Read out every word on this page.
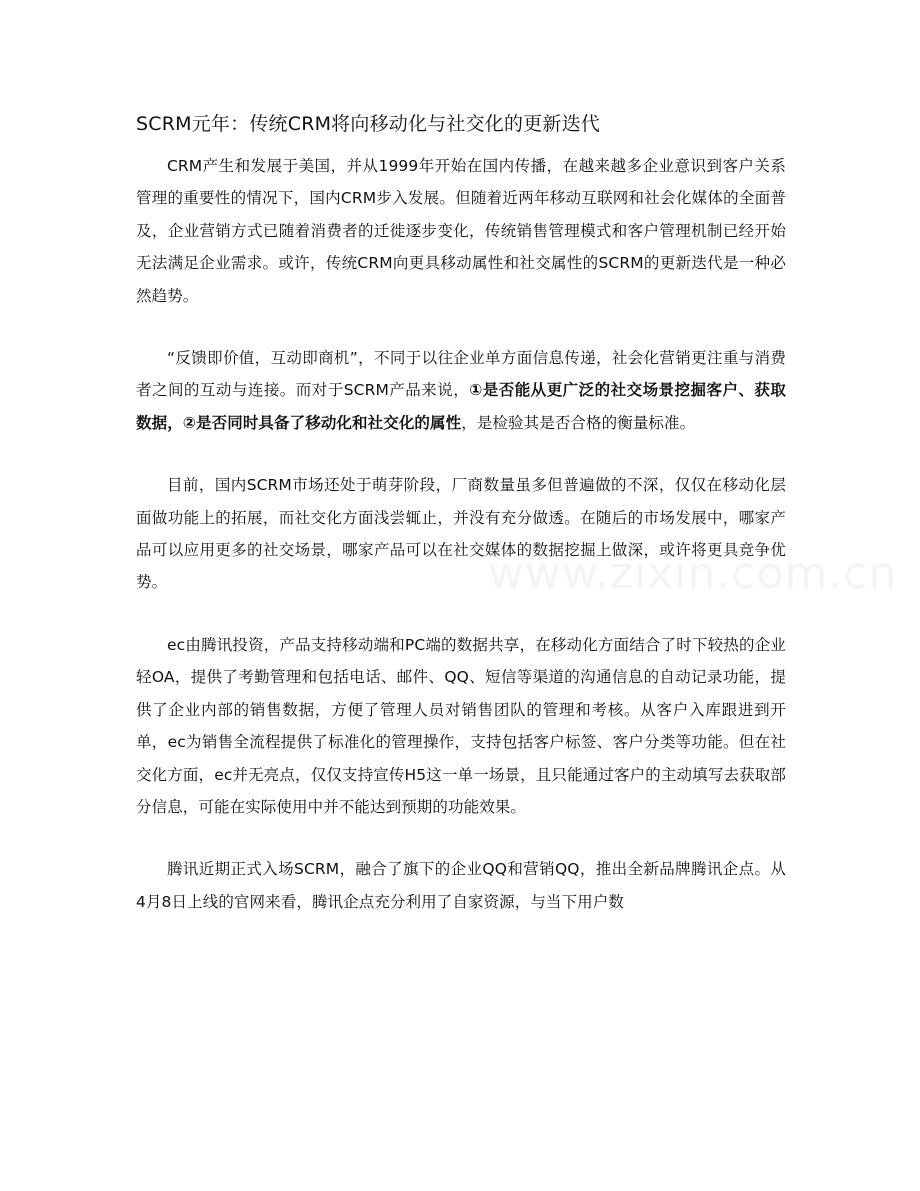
www.zixin.com.cn
SCRM元年：传统CRM将向移动化与社交化的更新迭代

CRM产生和发展于美国，并从1999年开始在国内传播，在越来越多企业意识到客户关系管理的重要性的情况下，国内CRM步入发展。但随着近两年移动互联网和社会化媒体的全面普及，企业营销方式已随着消费者的迁徙逐步变化，传统销售管理模式和客户管理机制已经开始无法满足企业需求。或许，传统CRM向更具移动属性和社交属性的SCRM的更新迭代是一种必然趋势。

“反馈即价值，互动即商机”，不同于以往企业单方面信息传递，社会化营销更注重与消费者之间的互动与连接。而对于SCRM产品来说，①是否能从更广泛的社交场景挖掘客户、获取数据，②是否同时具备了移动化和社交化的属性，是检验其是否合格的衡量标准。

目前，国内SCRM市场还处于萌芽阶段，厂商数量虽多但普遍做的不深，仅仅在移动化层面做功能上的拓展，而社交化方面浅尝辄止，并没有充分做透。在随后的市场发展中，哪家产品可以应用更多的社交场景，哪家产品可以在社交媒体的数据挖掘上做深，或许将更具竞争优势。

ec由腾讯投资，产品支持移动端和PC端的数据共享，在移动化方面结合了时下较热的企业轻OA，提供了考勤管理和包括电话、邮件、QQ、短信等渠道的沟通信息的自动记录功能，提供了企业内部的销售数据，方便了管理人员对销售团队的管理和考核。从客户入库跟进到开单，ec为销售全流程提供了标准化的管理操作，支持包括客户标签、客户分类等功能。但在社交化方面，ec并无亮点，仅仅支持宣传H5这一单一场景，且只能通过客户的主动填写去获取部分信息，可能在实际使用中并不能达到预期的功能效果。

腾讯近期正式入场SCRM，融合了旗下的企业QQ和营销QQ，推出全新品牌腾讯企点。从4月8日上线的官网来看，腾讯企点充分利用了自家资源，与当下用户数
